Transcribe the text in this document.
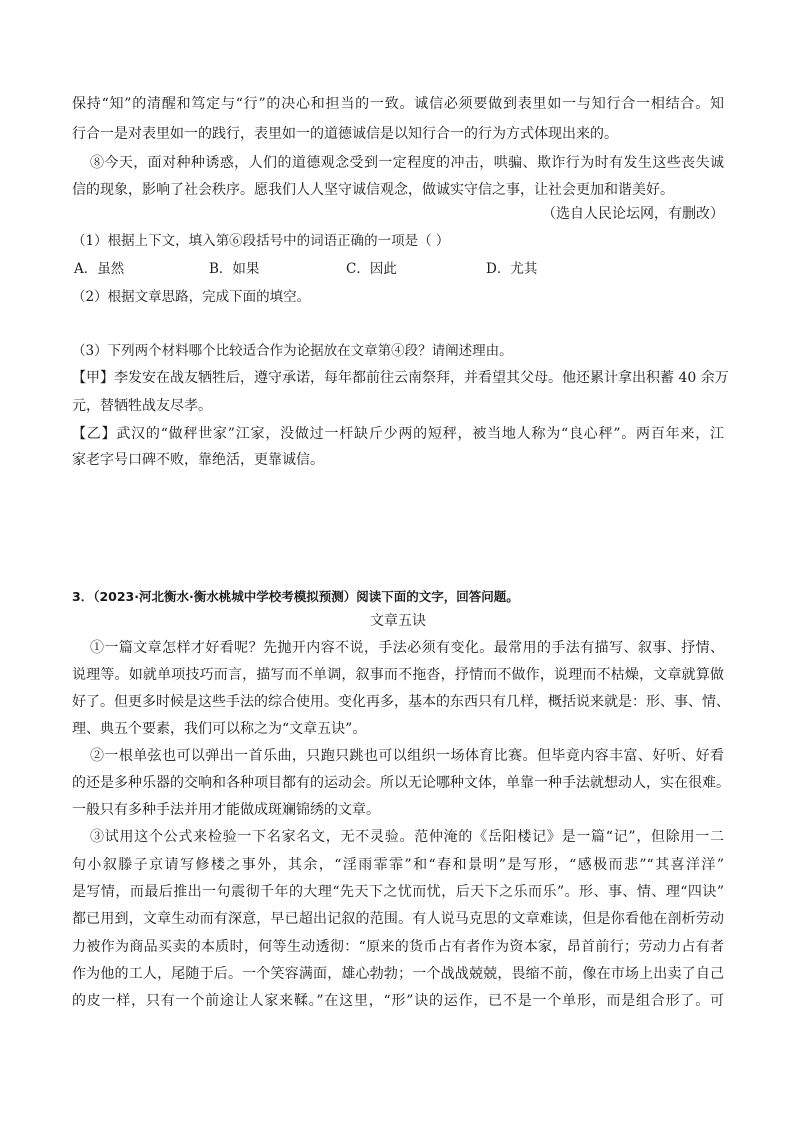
保持“知”的清醒和笃定与“行”的决心和担当的一致。诚信必须要做到表里如一与知行合一相结合。知
行合一是对表里如一的践行，表里如一的道德诚信是以知行合一的行为方式体现出来的。
⑧今天，面对种种诱惑，人们的道德观念受到一定程度的冲击，哄骗、欺诈行为时有发生这些丧失诚
信的现象，影响了社会秩序。愿我们人人坚守诚信观念，做诚实守信之事，让社会更加和谐美好。
（选自人民论坛网，有删改）
（1）根据上下文，填入第⑥段括号中的词语正确的一项是（ ）
A．虽然	B．如果	C．因此	D．尤其
（2）根据文章思路，完成下面的填空。
（3）下列两个材料哪个比较适合作为论据放在文章第④段？请阐述理由。
【甲】李发安在战友牺牲后，遵守承诺，每年都前往云南祭拜，并看望其父母。他还累计拿出积蓄 40 余万
元，替牺牲战友尽孝。
【乙】武汉的“做秤世家”江家，没做过一杆缺斤少两的短秤，被当地人称为“良心秤”。两百年来，江
家老字号口碑不败，靠绝活，更靠诚信。
3．（2023·河北衡水·衡水桃城中学校考模拟预测）阅读下面的文字，回答问题。
文章五诀
①一篇文章怎样才好看呢？先抛开内容不说，手法必须有变化。最常用的手法有描写、叙事、抒情、
说理等。如就单项技巧而言，描写而不单调，叙事而不拖沓，抒情而不做作，说理而不枯燥，文章就算做
好了。但更多时候是这些手法的综合使用。变化再多，基本的东西只有几样，概括说来就是：形、事、情、
理、典五个要素，我们可以称之为“文章五诀”。
②一根单弦也可以弹出一首乐曲，只跑只跳也可以组织一场体育比赛。但毕竟内容丰富、好听、好看
的还是多种乐器的交响和各种项目都有的运动会。所以无论哪种文体，单靠一种手法就想动人，实在很难。
一般只有多种手法并用才能做成斑斓锦绣的文章。
③试用这个公式来检验一下名家名文，无不灵验。范仲淹的《岳阳楼记》是一篇“记”，但除用一二
句小叙滕子京请写修楼之事外，其余，“淫雨霏霏”和“春和景明”是写形，“感极而悲”“其喜洋洋”
是写情，而最后推出一句震彻千年的大理“先天下之忧而忧，后天下之乐而乐”。形、事、情、理“四诀”
都已用到，文章生动而有深意，早已超出记叙的范围。有人说马克思的文章难读，但是你看他在剖析劳动
力被作为商品买卖的本质时，何等生动透彻：“原来的货币占有者作为资本家，昂首前行；劳动力占有者
作为他的工人，尾随于后。一个笑容满面，雄心勃勃；一个战战兢兢，畏缩不前，像在市场上出卖了自己
的皮一样，只有一个前途让人家来鞣。”在这里，“形”诀的运作，已不是一个单形，而是组合形了。可
